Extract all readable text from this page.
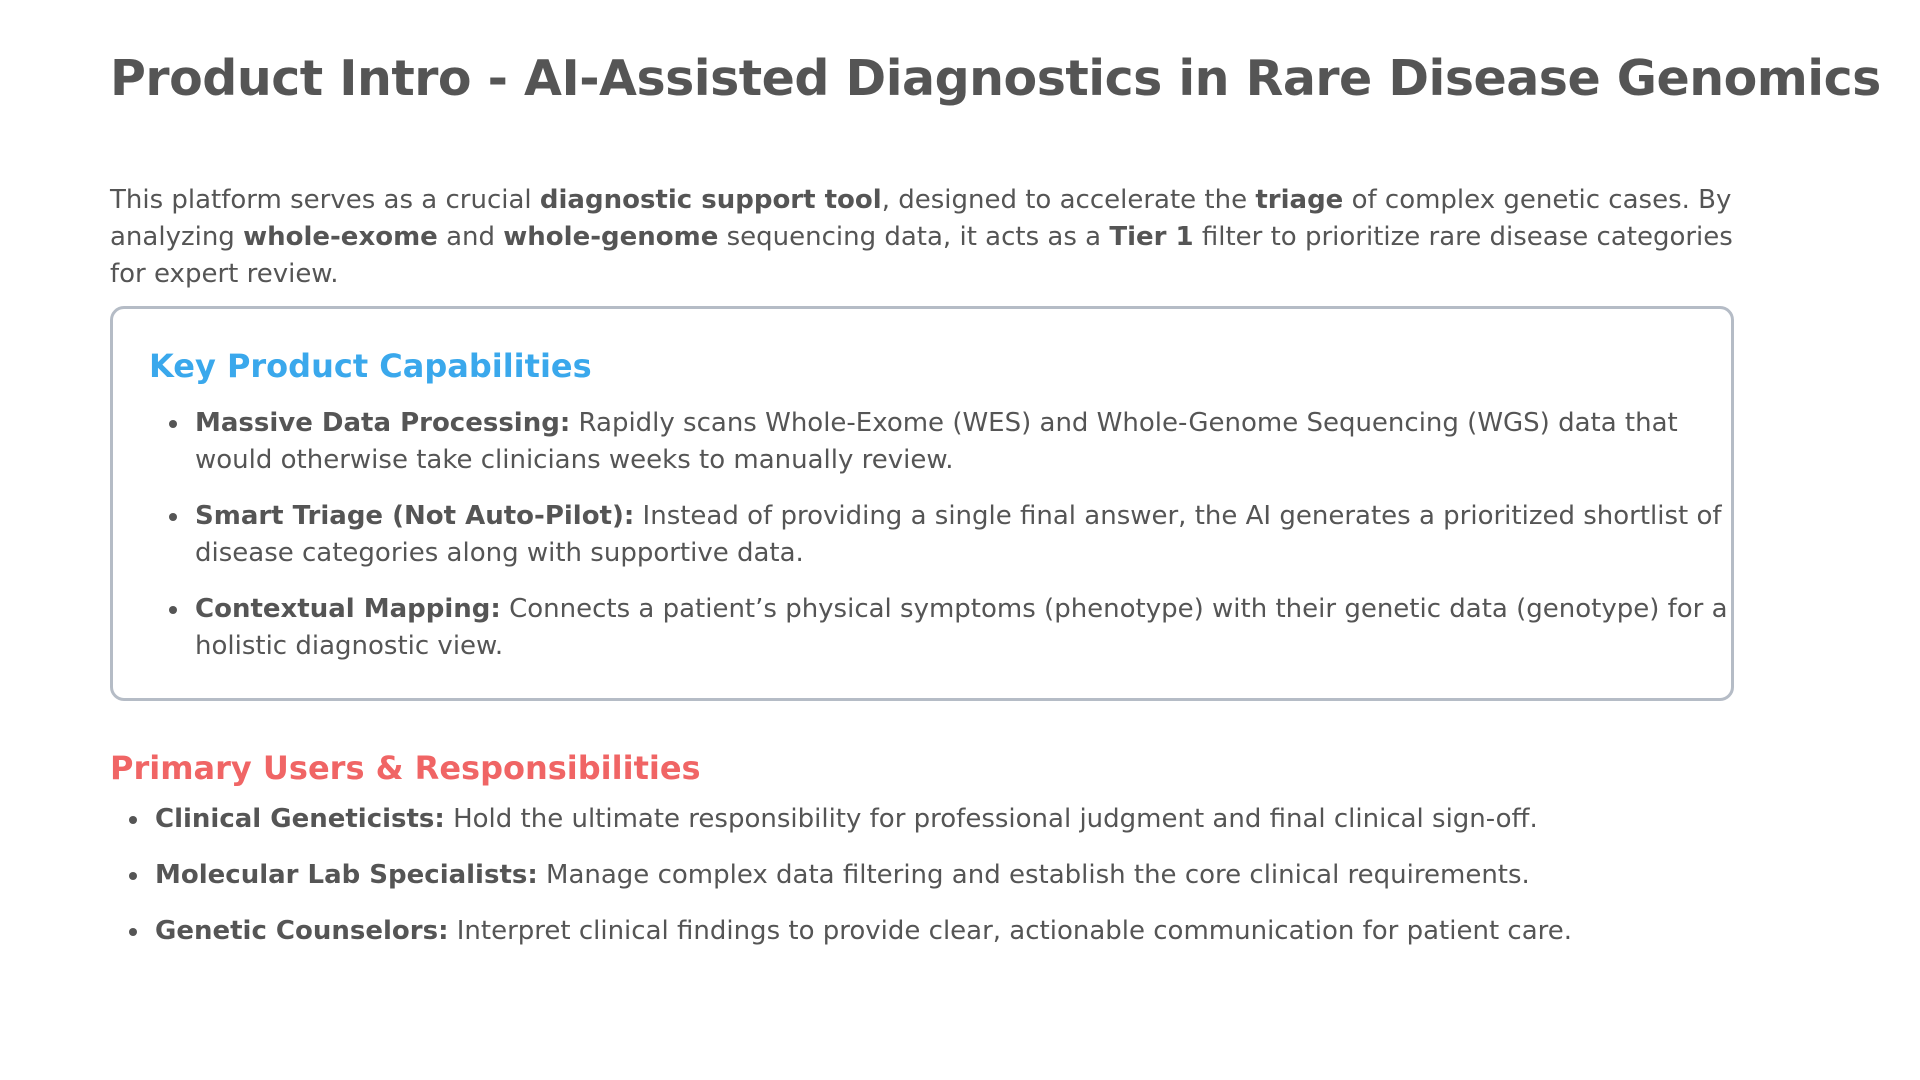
Product Intro - AI-Assisted Diagnostics in Rare Disease Genomics

This platform serves as a crucial diagnostic support tool, designed to accelerate the triage of complex genetic cases. By analyzing whole-exome and whole-genome sequencing data, it acts as a Tier 1 filter to prioritize rare disease categories for expert review.

Key Product Capabilities
Massive Data Processing: Rapidly scans Whole-Exome (WES) and Whole-Genome Sequencing (WGS) data that would otherwise take clinicians weeks to manually review.
Smart Triage (Not Auto-Pilot): Instead of providing a single final answer, the AI generates a prioritized shortlist of disease categories along with supportive data.
Contextual Mapping: Connects a patient’s physical symptoms (phenotype) with their genetic data (genotype) for a holistic diagnostic view.
Primary Users & Responsibilities
Clinical Geneticists: Hold the ultimate responsibility for professional judgment and final clinical sign-off.
Molecular Lab Specialists: Manage complex data filtering and establish the core clinical requirements.
Genetic Counselors: Interpret clinical findings to provide clear, actionable communication for patient care.
